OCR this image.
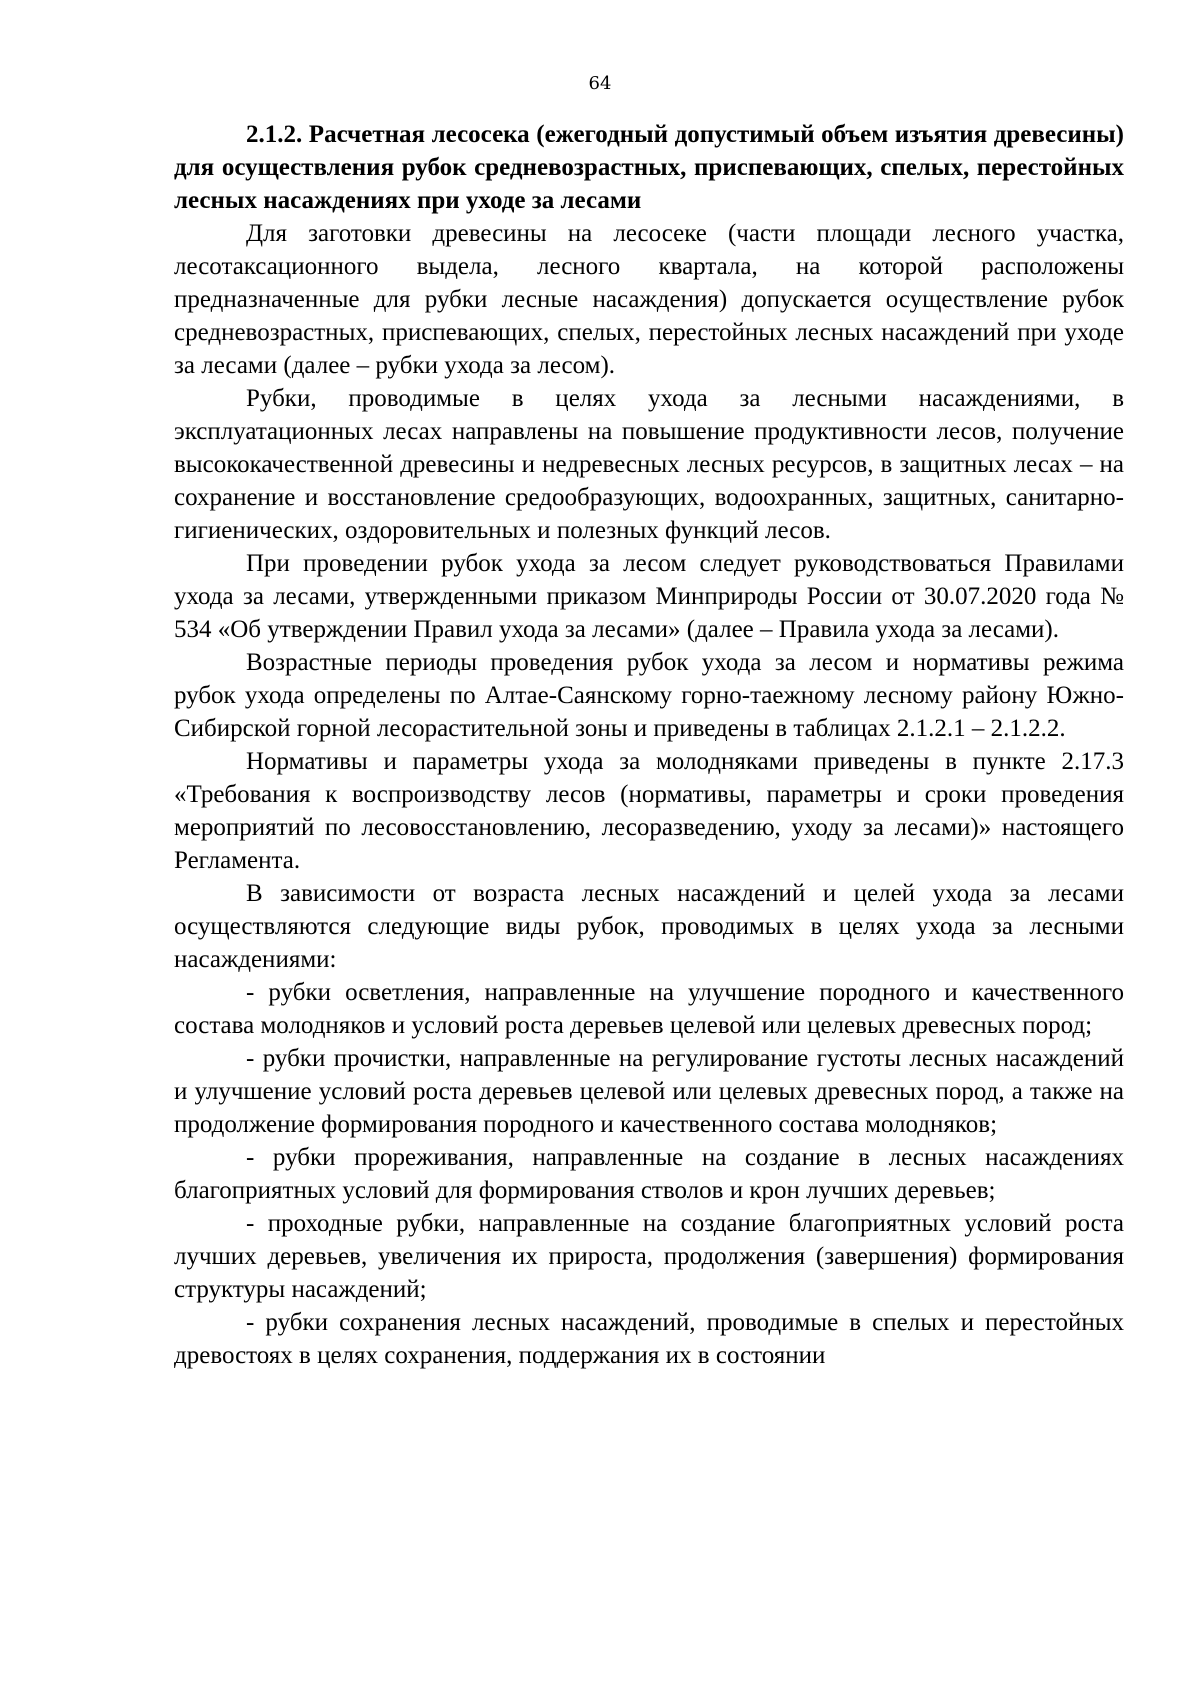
64

2.1.2. Расчетная лесосека (ежегодный допустимый объем изъятия древесины) для осуществления рубок средневозрастных, приспевающих, спелых, перестойных лесных насаждениях при уходе за лесами

Для заготовки древесины на лесосеке (части площади лесного участка, лесотаксационного выдела, лесного квартала, на которой расположены предназначенные для рубки лесные насаждения) допускается осуществление рубок средневозрастных, приспевающих, спелых, перестойных лесных насаждений при уходе за лесами (далее – рубки ухода за лесом).

Рубки, проводимые в целях ухода за лесными насаждениями, в эксплуатационных лесах направлены на повышение продуктивности лесов, получение высококачественной древесины и недревесных лесных ресурсов, в защитных лесах – на сохранение и восстановление средообразующих, водоохранных, защитных, санитарно-гигиенических, оздоровительных и полезных функций лесов.

При проведении рубок ухода за лесом следует руководствоваться Правилами ухода за лесами, утвержденными приказом Минприроды России от 30.07.2020 года № 534 «Об утверждении Правил ухода за лесами» (далее – Правила ухода за лесами).

Возрастные периоды проведения рубок ухода за лесом и нормативы режима рубок ухода определены по Алтае-Саянскому горно-таежному лесному району Южно-Сибирской горной лесорастительной зоны и приведены в таблицах 2.1.2.1 – 2.1.2.2.

Нормативы и параметры ухода за молодняками приведены в пункте 2.17.3 «Требования к воспроизводству лесов (нормативы, параметры и сроки проведения мероприятий по лесовосстановлению, лесоразведению, уходу за лесами)» настоящего Регламента.

В зависимости от возраста лесных насаждений и целей ухода за лесами осуществляются следующие виды рубок, проводимых в целях ухода за лесными насаждениями:

- рубки осветления, направленные на улучшение породного и качественного состава молодняков и условий роста деревьев целевой или целевых древесных пород;

- рубки прочистки, направленные на регулирование густоты лесных насаждений и улучшение условий роста деревьев целевой или целевых древесных пород, а также на продолжение формирования породного и качественного состава молодняков;

- рубки прореживания, направленные на создание в лесных насаждениях благоприятных условий для формирования стволов и крон лучших деревьев;

- проходные рубки, направленные на создание благоприятных условий роста лучших деревьев, увеличения их прироста, продолжения (завершения) формирования структуры насаждений;

- рубки сохранения лесных насаждений, проводимые в спелых и перестойных древостоях в целях сохранения, поддержания их в состоянии
